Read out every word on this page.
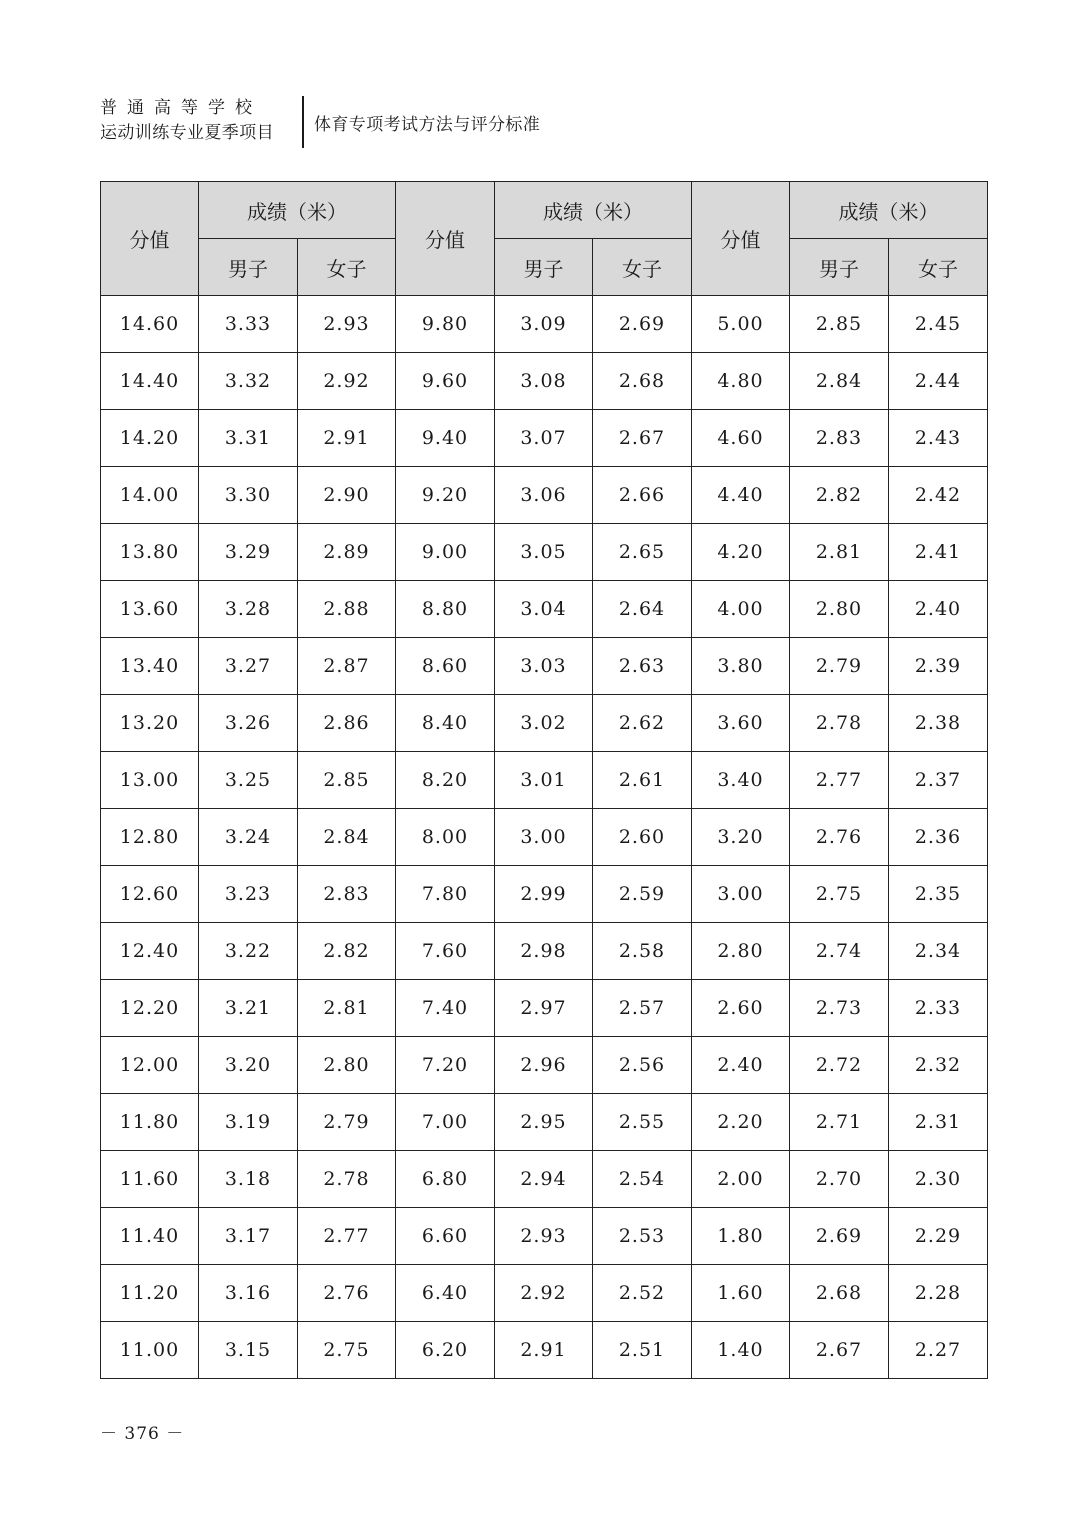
普通高等学校
运动训练专业夏季项目	体育专项考试方法与评分标准
分值	成绩（米）		分值	成绩（米）		分值	成绩（米）	
	男子	女子		男子	女子		男子	女子
14.60	3.33	2.93	9.80	3.09	2.69	5.00	2.85	2.45
14.40	3.32	2.92	9.60	3.08	2.68	4.80	2.84	2.44
14.20	3.31	2.91	9.40	3.07	2.67	4.60	2.83	2.43
14.00	3.30	2.90	9.20	3.06	2.66	4.40	2.82	2.42
13.80	3.29	2.89	9.00	3.05	2.65	4.20	2.81	2.41
13.60	3.28	2.88	8.80	3.04	2.64	4.00	2.80	2.40
13.40	3.27	2.87	8.60	3.03	2.63	3.80	2.79	2.39
13.20	3.26	2.86	8.40	3.02	2.62	3.60	2.78	2.38
13.00	3.25	2.85	8.20	3.01	2.61	3.40	2.77	2.37
12.80	3.24	2.84	8.00	3.00	2.60	3.20	2.76	2.36
12.60	3.23	2.83	7.80	2.99	2.59	3.00	2.75	2.35
12.40	3.22	2.82	7.60	2.98	2.58	2.80	2.74	2.34
12.20	3.21	2.81	7.40	2.97	2.57	2.60	2.73	2.33
12.00	3.20	2.80	7.20	2.96	2.56	2.40	2.72	2.32
11.80	3.19	2.79	7.00	2.95	2.55	2.20	2.71	2.31
11.60	3.18	2.78	6.80	2.94	2.54	2.00	2.70	2.30
11.40	3.17	2.77	6.60	2.93	2.53	1.80	2.69	2.29
11.20	3.16	2.76	6.40	2.92	2.52	1.60	2.68	2.28
11.00	3.15	2.75	6.20	2.91	2.51	1.40	2.67	2.27
－ 376 －
